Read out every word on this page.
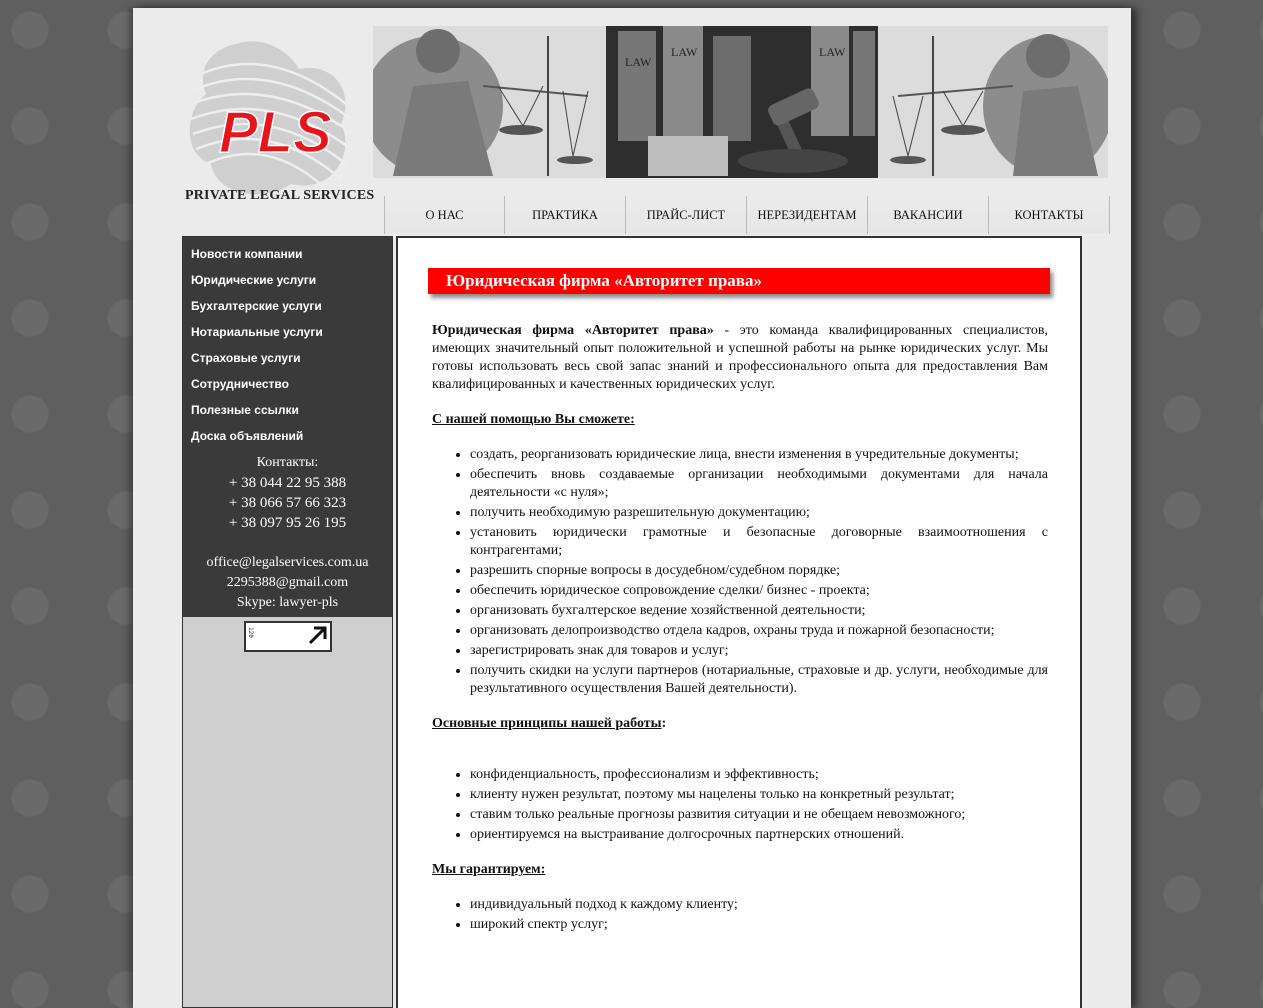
PLS
PRIVATE LEGAL SERVICES
LAW
LAW	LAW
О НАС	ПРАКТИКА	ПРАЙС-ЛИСТ	НЕРЕЗИДЕНТАМ	ВАКАНСИИ	КОНТАКТЫ
Новости компании
Юридические услуги
Бухгалтерские услуги
Нотариальные услуги
Страховые услуги
Сотрудничество
Полезные ссылки
Доска объявлений
Контакты:
+ 38 044 22 95 388
+ 38 066 57 66 323
+ 38 097 95 26 195
office@legalservices.com.ua
2295388@gmail.com
Skype: lawyer-pls
120
Юридическая фирма «Авторитет права»

Юридическая фирма «Авторитет права» - это команда квалифицированных специалистов, имеющих значительный опыт положительной и успешной работы на рынке юридических услуг. Мы готовы использовать весь свой запас знаний и профессионального опыта для предоставления Вам квалифицированных и качественных юридических услуг.

С нашей помощью Вы сможете:

• создать, реорганизовать юридические лица, внести изменения в учредительные документы;
• обеспечить вновь создаваемые организации необходимыми документами для начала деятельности «с нуля»;
• получить необходимую разрешительную документацию;
• установить юридически грамотные и безопасные договорные взаимоотношения с контрагентами;
• разрешить спорные вопросы в досудебном/судебном порядке;
• обеспечить юридическое сопровождение сделки/ бизнес - проекта;
• организовать бухгалтерское ведение хозяйственной деятельности;
• организовать делопроизводство отдела кадров, охраны труда и пожарной безопасности;
• зарегистрировать знак для товаров и услуг;
• получить скидки на услуги партнеров (нотариальные, страховые и др. услуги, необходимые для результативного осуществления Вашей деятельности).

Основные принципы нашей работы:

• конфиденциальность, профессионализм и эффективность;
• клиенту нужен результат, поэтому мы нацелены только на конкретный результат;
• ставим только реальные прогнозы развития ситуации и не обещаем невозможного;
• ориентируемся на выстраивание долгосрочных партнерских отношений.

Мы гарантируем:

• индивидуальный подход к каждому клиенту;
• широкий спектр услуг;
